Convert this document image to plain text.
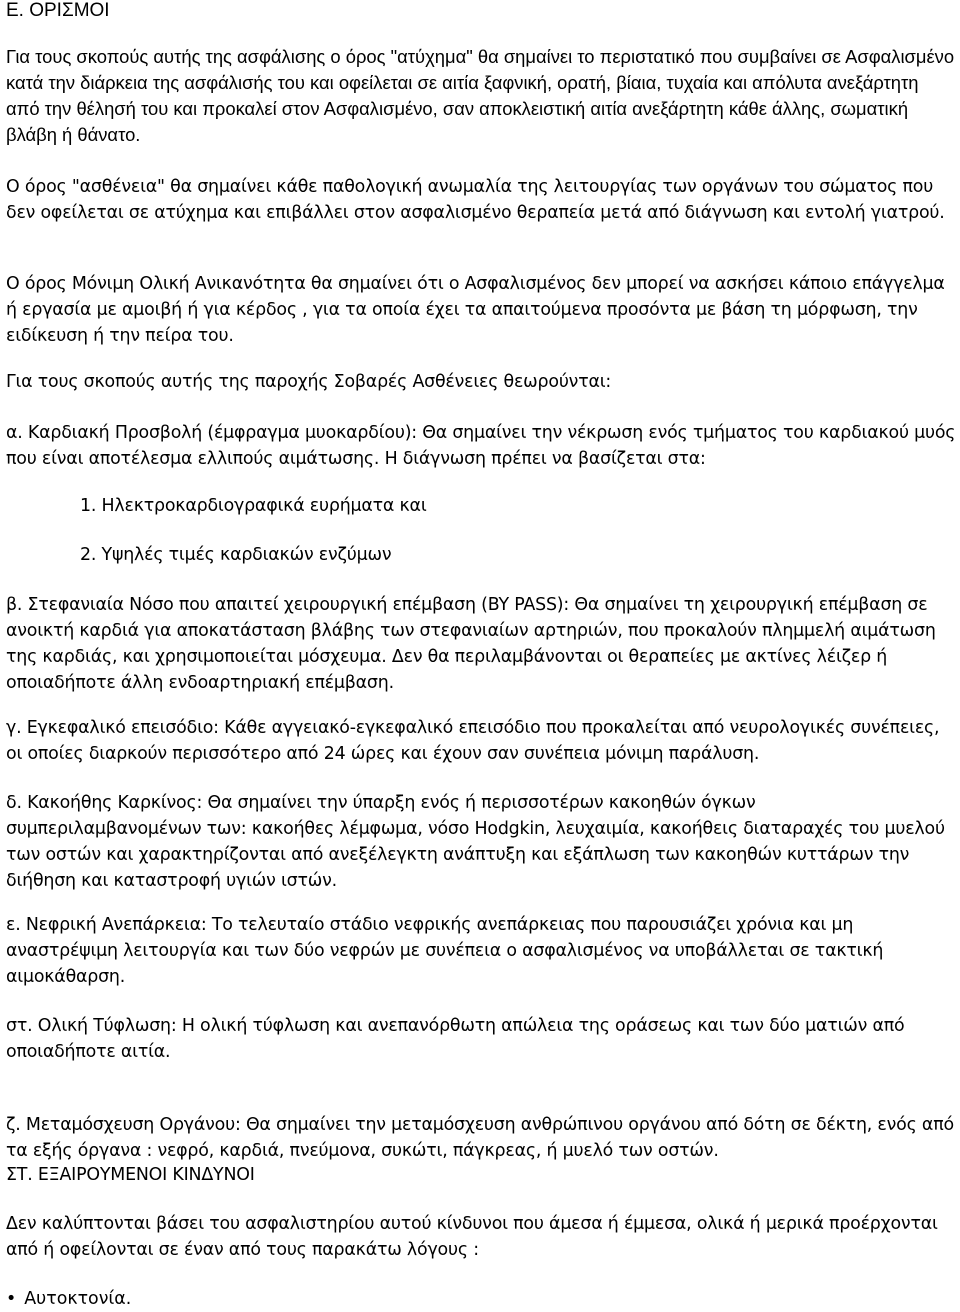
Ε. ΟΡΙΣΜΟΙ

Για τους σκοπούς αυτής της ασφάλισης ο όρος "ατύχημα" θα σημαίνει το περιστατικό που συμβαίνει σε Ασφαλισμένο κατά την διάρκεια της ασφάλισής του και οφείλεται σε αιτία ξαφνική, ορατή, βίαια, τυχαία και απόλυτα ανεξάρτητη από την θέλησή του και προκαλεί στον Ασφαλισμένο, σαν αποκλειστική αιτία ανεξάρτητη κάθε άλλης, σωματική βλάβη ή θάνατο.

Ο όρος "ασθένεια" θα σημαίνει κάθε παθολογική ανωμαλία της λειτουργίας των οργάνων του σώματος που δεν οφείλεται σε ατύχημα και επιβάλλει στον ασφαλισμένο θεραπεία μετά από διάγνωση και εντολή γιατρού.

Ο όρος Μόνιμη Ολική Ανικανότητα θα σημαίνει ότι ο Ασφαλισμένος δεν μπορεί να ασκήσει κάποιο επάγγελμα ή εργασία με αμοιβή ή για κέρδος , για τα οποία έχει τα απαιτούμενα προσόντα με βάση τη μόρφωση, την ειδίκευση ή την πείρα του.

Για τους σκοπούς αυτής της παροχής Σοβαρές Ασθένειες θεωρούνται:

α. Καρδιακή Προσβολή (έμφραγμα μυοκαρδίου): Θα σημαίνει την νέκρωση ενός τμήματος του καρδιακού μυός που είναι αποτέλεσμα ελλιπούς αιμάτωσης. Η διάγνωση πρέπει να βασίζεται στα:

1. Ηλεκτροκαρδιογραφικά ευρήματα και
2. Υψηλές τιμές καρδιακών ενζύμων

β. Στεφανιαία Νόσο που απαιτεί χειρουργική επέμβαση (BY PASS): Θα σημαίνει τη χειρουργική επέμβαση σε ανοικτή καρδιά για αποκατάσταση βλάβης των στεφανιαίων αρτηριών, που προκαλούν πλημμελή αιμάτωση της καρδιάς, και χρησιμοποιείται μόσχευμα. Δεν θα περιλαμβάνονται οι θεραπείες με ακτίνες λέιζερ ή οποιαδήποτε άλλη ενδοαρτηριακή επέμβαση.

γ. Εγκεφαλικό επεισόδιο: Κάθε αγγειακό-εγκεφαλικό επεισόδιο που προκαλείται από νευρολογικές συνέπειες, οι οποίες διαρκούν περισσότερο από 24 ώρες και έχουν σαν συνέπεια μόνιμη παράλυση.

δ. Κακοήθης Καρκίνος: Θα σημαίνει την ύπαρξη ενός ή περισσοτέρων κακοηθών όγκων συμπεριλαμβανομένων των: κακοήθες λέμφωμα, νόσο Hodgkin, λευχαιμία, κακοήθεις διαταραχές του μυελού των οστών και χαρακτηρίζονται από ανεξέλεγκτη ανάπτυξη και εξάπλωση των κακοηθών κυττάρων την διήθηση και καταστροφή υγιών ιστών.

ε. Νεφρική Ανεπάρκεια: Το τελευταίο στάδιο νεφρικής ανεπάρκειας που παρουσιάζει χρόνια και μη αναστρέψιμη λειτουργία και των δύο νεφρών με συνέπεια ο ασφαλισμένος να υποβάλλεται σε τακτική αιμοκάθαρση.

στ. Ολική Τύφλωση: Η ολική τύφλωση και ανεπανόρθωτη απώλεια της οράσεως και των δύο ματιών από οποιαδήποτε αιτία.

ζ. Μεταμόσχευση Οργάνου: Θα σημαίνει την μεταμόσχευση ανθρώπινου οργάνου από δότη σε δέκτη, ενός από τα εξής όργανα : νεφρό, καρδιά, πνεύμονα, συκώτι, πάγκρεας, ή μυελό των οστών.

ΣΤ. ΕΞΑΙΡΟΥΜΕΝΟΙ ΚΙΝΔΥΝΟΙ

Δεν καλύπτονται βάσει του ασφαλιστηρίου αυτού κίνδυνοι που άμεσα ή έμμεσα, ολικά ή μερικά προέρχονται από ή οφείλονται σε έναν από τους παρακάτω λόγους :

• Αυτοκτονία.
